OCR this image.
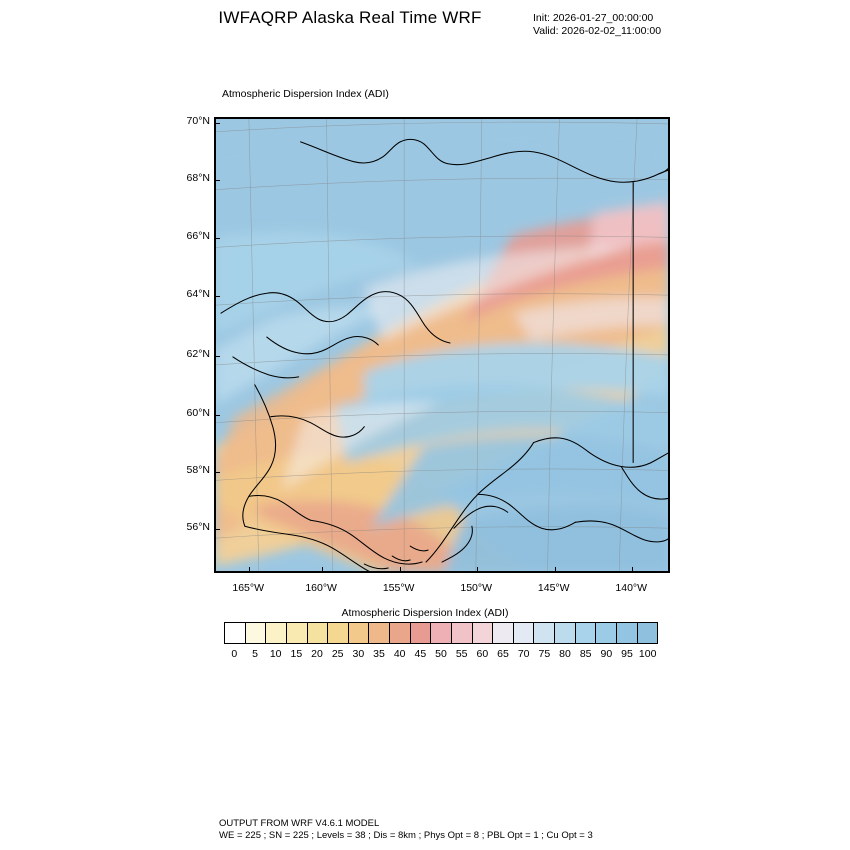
IWFAQRP Alaska Real Time WRF	Init: 2026-01-27_00:00:00
Valid: 2026-02-02_11:00:00
Atmospheric Dispersion Index (ADI)
70°N
68°N
66°N
64°N
62°N
60°N
58°N
56°N
165°W	160°W	155°W	150°W	145°W	140°W
Atmospheric Dispersion Index (ADI)
0	5	10 15 20 25 30 35 40 45 50 55 60 65 70 75 80 85 90 95 100
OUTPUT FROM WRF V4.6.1 MODEL
WE = 225 ; SN = 225 ; Levels = 38 ; Dis = 8km ; Phys Opt = 8 ; PBL Opt = 1 ; Cu Opt = 3
